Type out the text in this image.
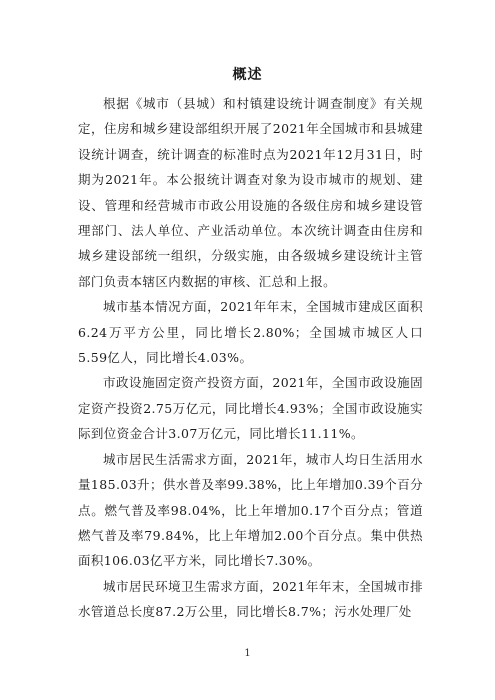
概述

根据《城市（县城）和村镇建设统计调查制度》有关规定，住房和城乡建设部组织开展了2021年全国城市和县城建设统计调查，统计调查的标准时点为2021年12月31日，时期为2021年。本公报统计调查对象为设市城市的规划、建设、管理和经营城市市政公用设施的各级住房和城乡建设管理部门、法人单位、产业活动单位。本次统计调查由住房和城乡建设部统一组织，分级实施，由各级城乡建设统计主管部门负责本辖区内数据的审核、汇总和上报。

城市基本情况方面，2021年年末，全国城市建成区面积6.24万平方公里，同比增长2.80%；全国城市城区人口5.59亿人，同比增长4.03%。

市政设施固定资产投资方面，2021年，全国市政设施固定资产投资2.75万亿元，同比增长4.93%；全国市政设施实际到位资金合计3.07万亿元，同比增长11.11%。

城市居民生活需求方面，2021年，城市人均日生活用水量185.03升；供水普及率99.38%，比上年增加0.39个百分点。燃气普及率98.04%，比上年增加0.17个百分点；管道燃气普及率79.84%，比上年增加2.00个百分点。集中供热面积106.03亿平方米，同比增长7.30%。

城市居民环境卫生需求方面，2021年年末，全国城市排水管道总长度87.2万公里，同比增长8.7%；污水处理厂处

1
